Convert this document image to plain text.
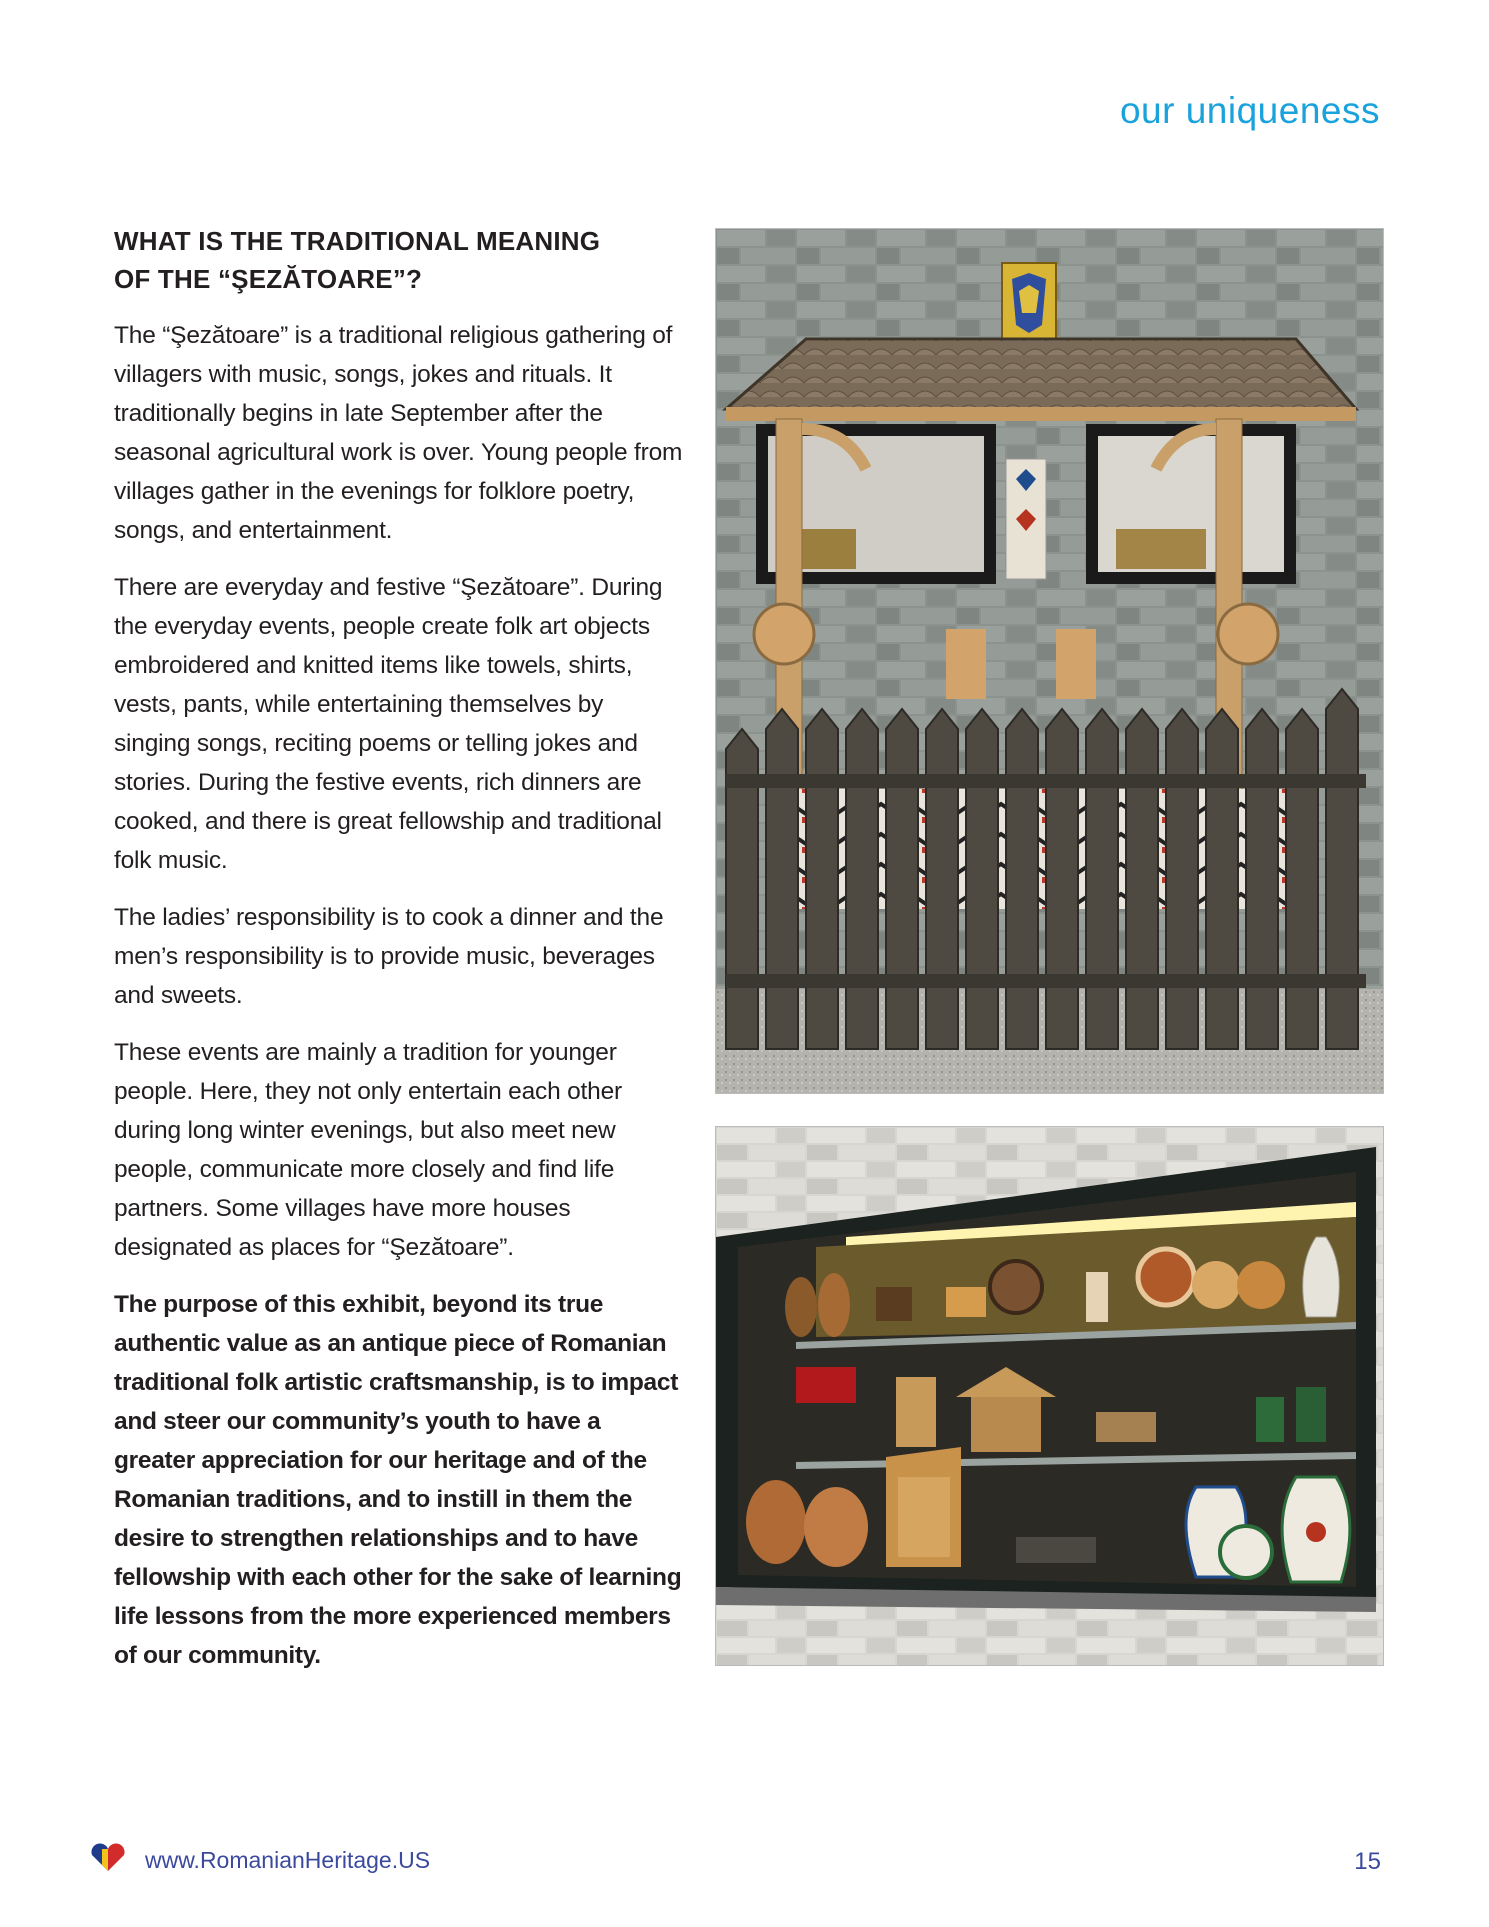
our uniqueness
WHAT IS THE TRADITIONAL MEANING
OF THE “ŞEZĂTOARE”?

The “Şezătoare” is a traditional religious gathering of villagers with music, songs, jokes and rituals. It traditionally begins in late September after the seasonal agricultural work is over. Young people from villages gather in the evenings for folklore poetry, songs, and entertainment.

There are everyday and festive “Şezătoare”. During the everyday events, people create folk art objects embroidered and knitted items like towels, shirts, vests, pants, while entertaining themselves by singing songs, reciting poems or telling jokes and stories. During the festive events, rich dinners are cooked, and there is great fellowship and traditional folk music.

The ladies’ responsibility is to cook a dinner and the men’s responsibility is to provide music, beverages and sweets.

These events are mainly a tradition for younger people. Here, they not only entertain each other during long winter evenings, but also meet new people, communicate more closely and find life partners. Some villages have more houses designated as places for “Şezătoare”.

The purpose of this exhibit, beyond its true authentic value as an antique piece of Romanian traditional folk artistic craftsmanship, is to impact and steer our community’s youth to have a greater appreciation for our heritage and of the Romanian traditions, and to instill in them the desire to strengthen relationships and to have fellowship with each other for the sake of learning life lessons from the more experienced members of our community.

www.RomanianHeritage.US	15
